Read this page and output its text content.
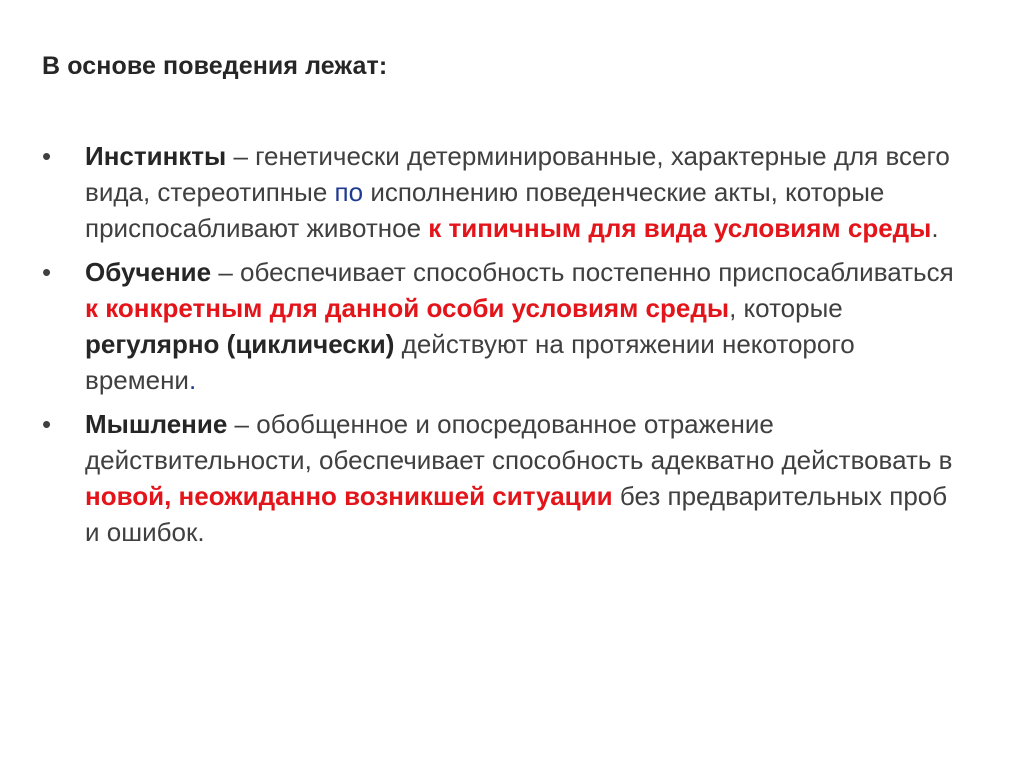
В основе поведения лежат:
• Инстинкты – генетически детерминированные, характерные для всего вида, стереотипные по исполнению поведенческие акты, которые приспосабливают животное к типичным для вида условиям среды.
• Обучение – обеспечивает способность постепенно приспосабливаться к конкретным для данной особи условиям среды, которые регулярно (циклически) действуют на протяжении некоторого времени.
• Мышление – обобщенное и опосредованное отражение действительности, обеспечивает способность адекватно действовать в новой, неожиданно возникшей ситуации без предварительных проб и ошибок.
